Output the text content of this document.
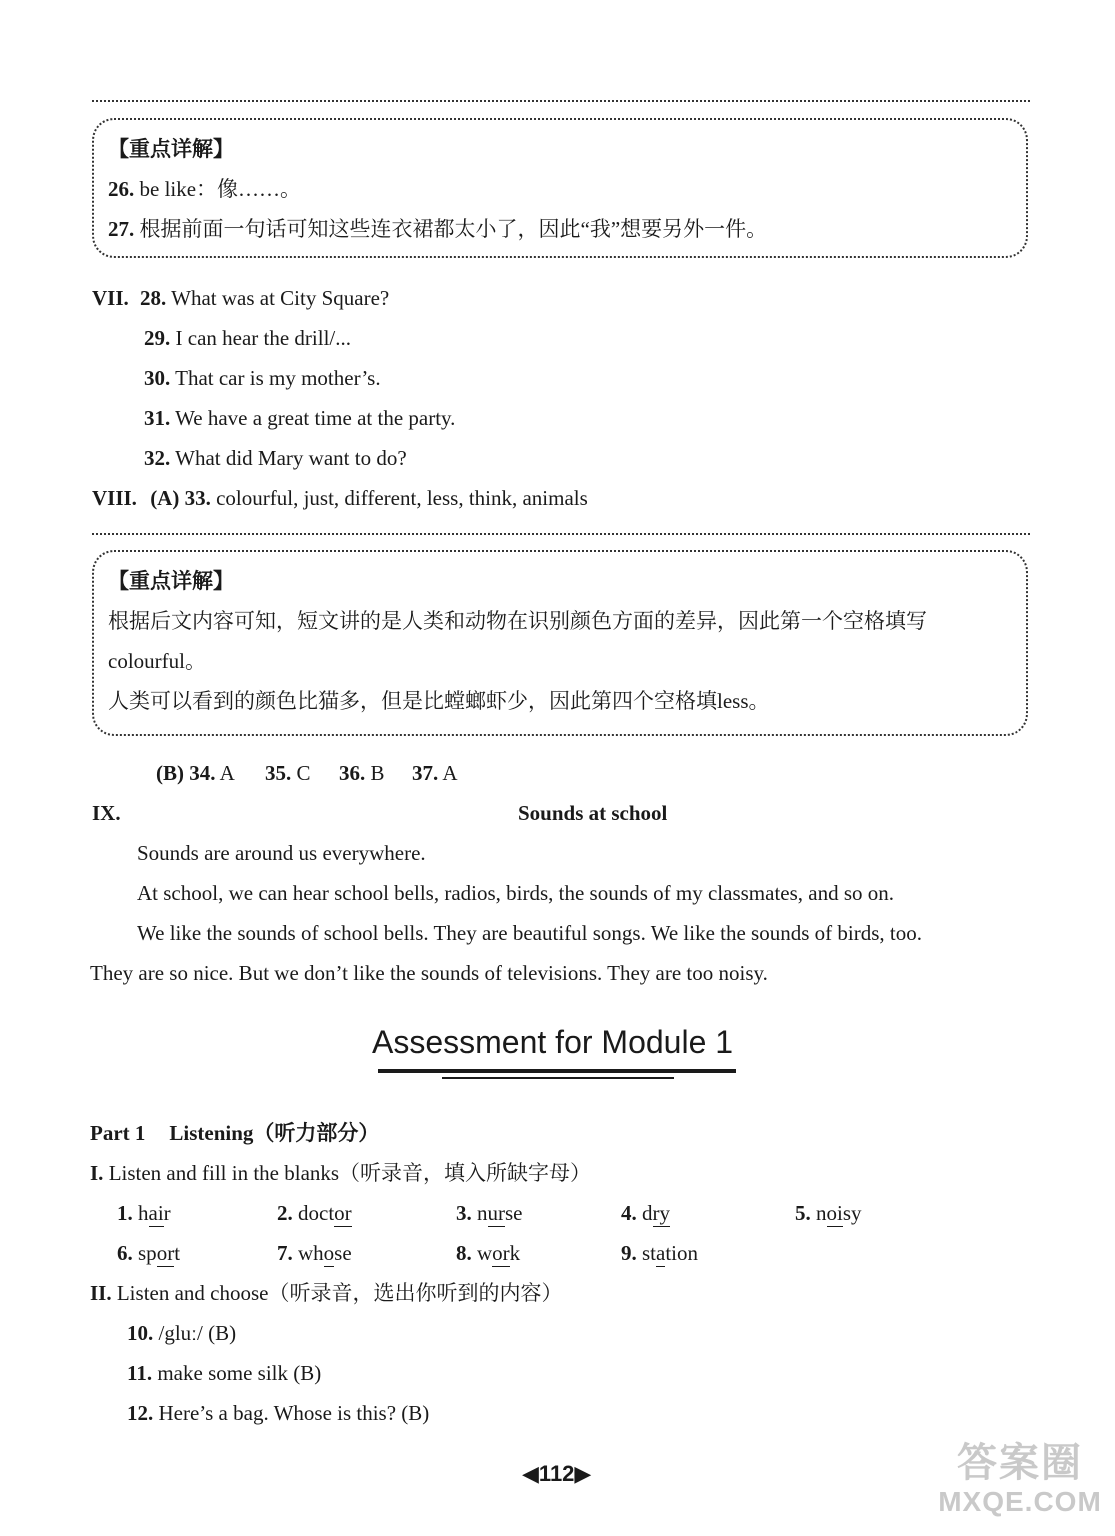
【重点详解】
26. be like：像……。
27. 根据前面一句话可知这些连衣裙都太小了，因此“我”想要另外一件。
VII. 28. What was at City Square?
29. I can hear the drill/...
30. That car is my mother’s.
31. We have a great time at the party.
32. What did Mary want to do?
VIII. (A) 33. colourful, just, different, less, think, animals
【重点详解】
根据后文内容可知，短文讲的是人类和动物在识别颜色方面的差异，因此第一个空格填写
colourful。
人类可以看到的颜色比猫多，但是比螳螂虾少，因此第四个空格填less。
(B) 34. A 35. C 36. B 37. A
IX.	Sounds at school
Sounds are around us everywhere.
At school, we can hear school bells, radios, birds, the sounds of my classmates, and so on.
We like the sounds of school bells. They are beautiful songs. We like the sounds of birds, too.
They are so nice. But we don’t like the sounds of televisions. They are too noisy.
Assessment for Module 1
Part 1 Listening（听力部分）
I. Listen and fill in the blanks（听录音，填入所缺字母）
1. hair	2. doctor	3. nurse	4. dry	5. noisy
6. sport	7. whose	8. work	9. station
II. Listen and choose（听录音，选出你听到的内容）
10. /gluː/ (B)
11. make some silk (B)
12. Here’s a bag. Whose is this? (B)
◀112▶	答案圈
MXQE.COM
